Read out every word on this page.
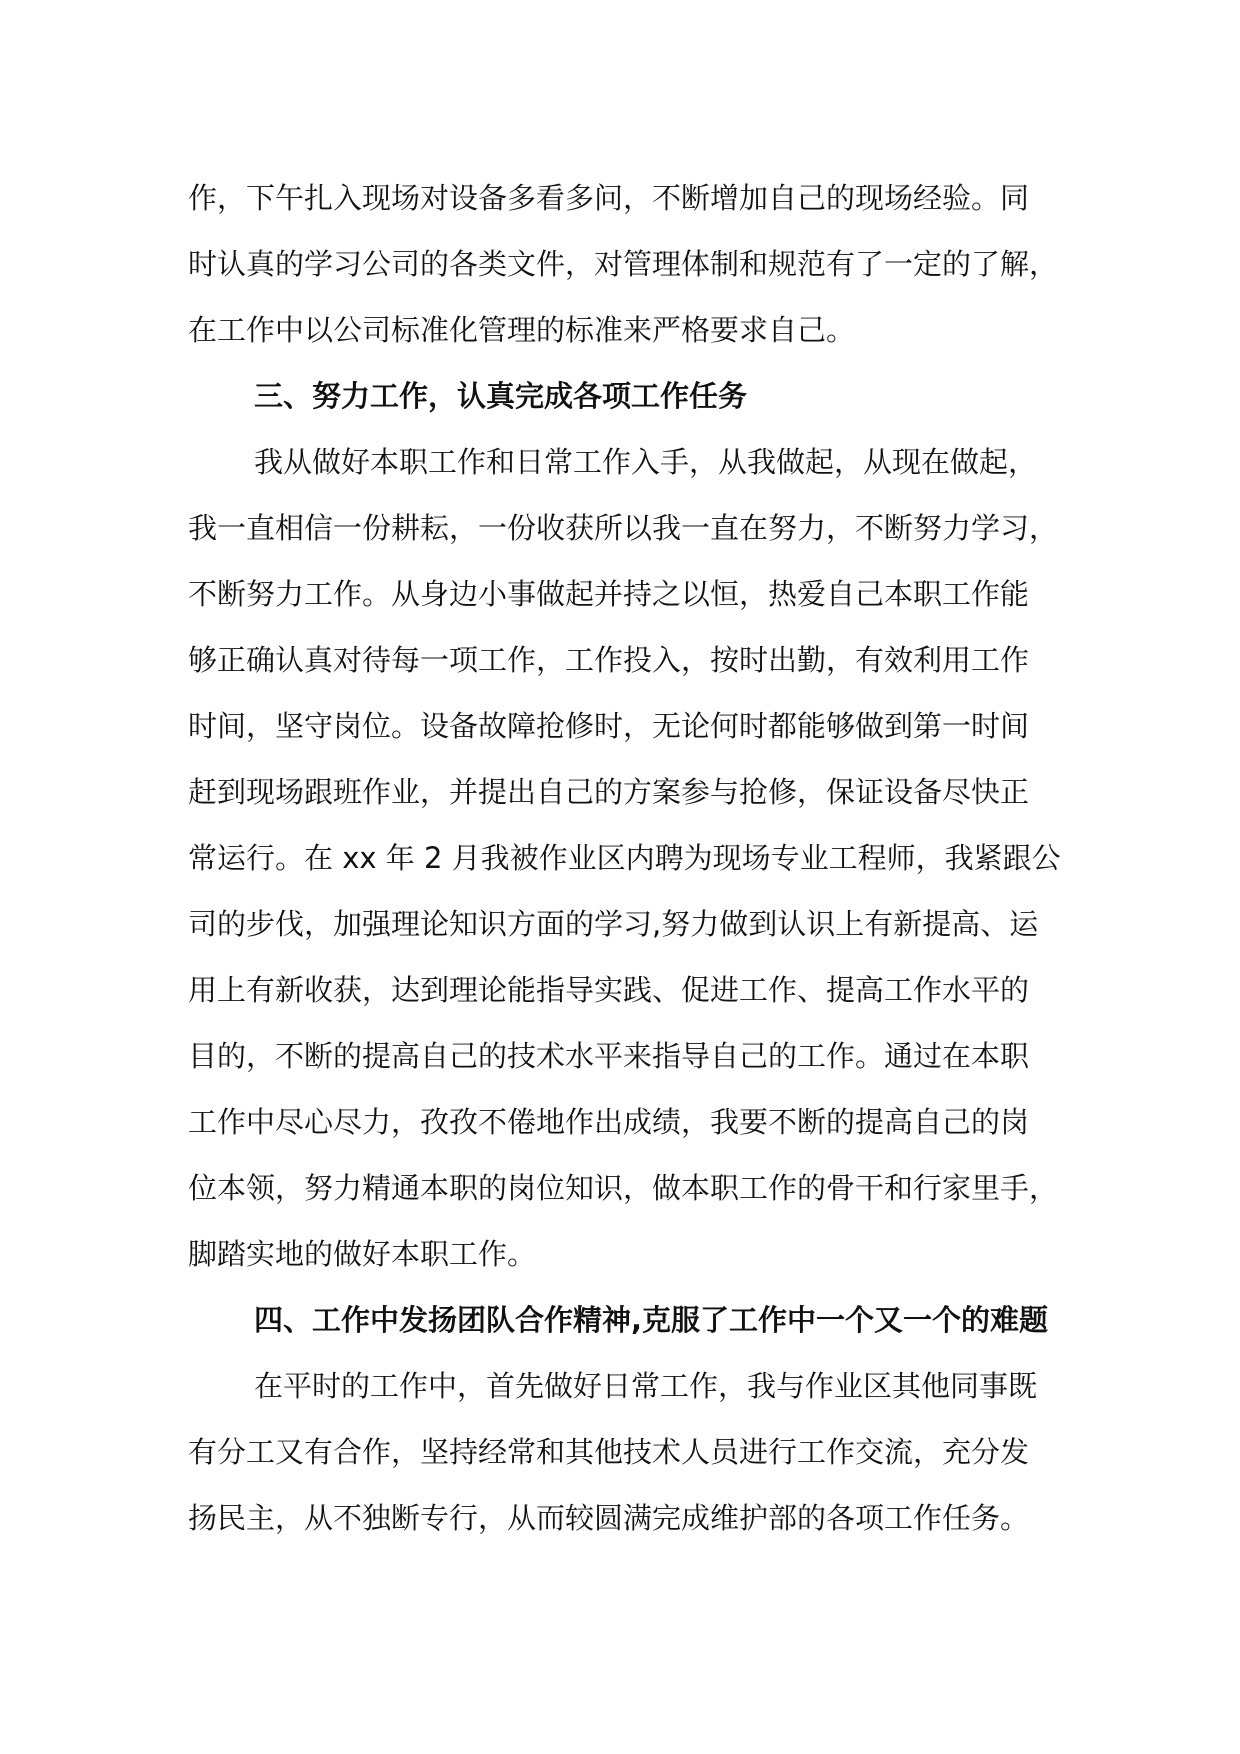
作，下午扎入现场对设备多看多问，不断增加自己的现场经验。同
时认真的学习公司的各类文件，对管理体制和规范有了一定的了解，
在工作中以公司标准化管理的标准来严格要求自己。
三、努力工作，认真完成各项工作任务
我从做好本职工作和日常工作入手，从我做起，从现在做起，
我一直相信一份耕耘，一份收获所以我一直在努力，不断努力学习，
不断努力工作。从身边小事做起并持之以恒，热爱自己本职工作能
够正确认真对待每一项工作，工作投入，按时出勤，有效利用工作
时间，坚守岗位。设备故障抢修时，无论何时都能够做到第一时间
赶到现场跟班作业，并提出自己的方案参与抢修，保证设备尽快正
常运行。在 xx 年 2 月我被作业区内聘为现场专业工程师，我紧跟公
司的步伐，加强理论知识方面的学习,努力做到认识上有新提高、运
用上有新收获，达到理论能指导实践、促进工作、提高工作水平的
目的，不断的提高自己的技术水平来指导自己的工作。通过在本职
工作中尽心尽力，孜孜不倦地作出成绩，我要不断的提高自己的岗
位本领，努力精通本职的岗位知识，做本职工作的骨干和行家里手，
脚踏实地的做好本职工作。
四、工作中发扬团队合作精神,克服了工作中一个又一个的难题
在平时的工作中，首先做好日常工作，我与作业区其他同事既
有分工又有合作，坚持经常和其他技术人员进行工作交流，充分发
扬民主，从不独断专行，从而较圆满完成维护部的各项工作任务。
